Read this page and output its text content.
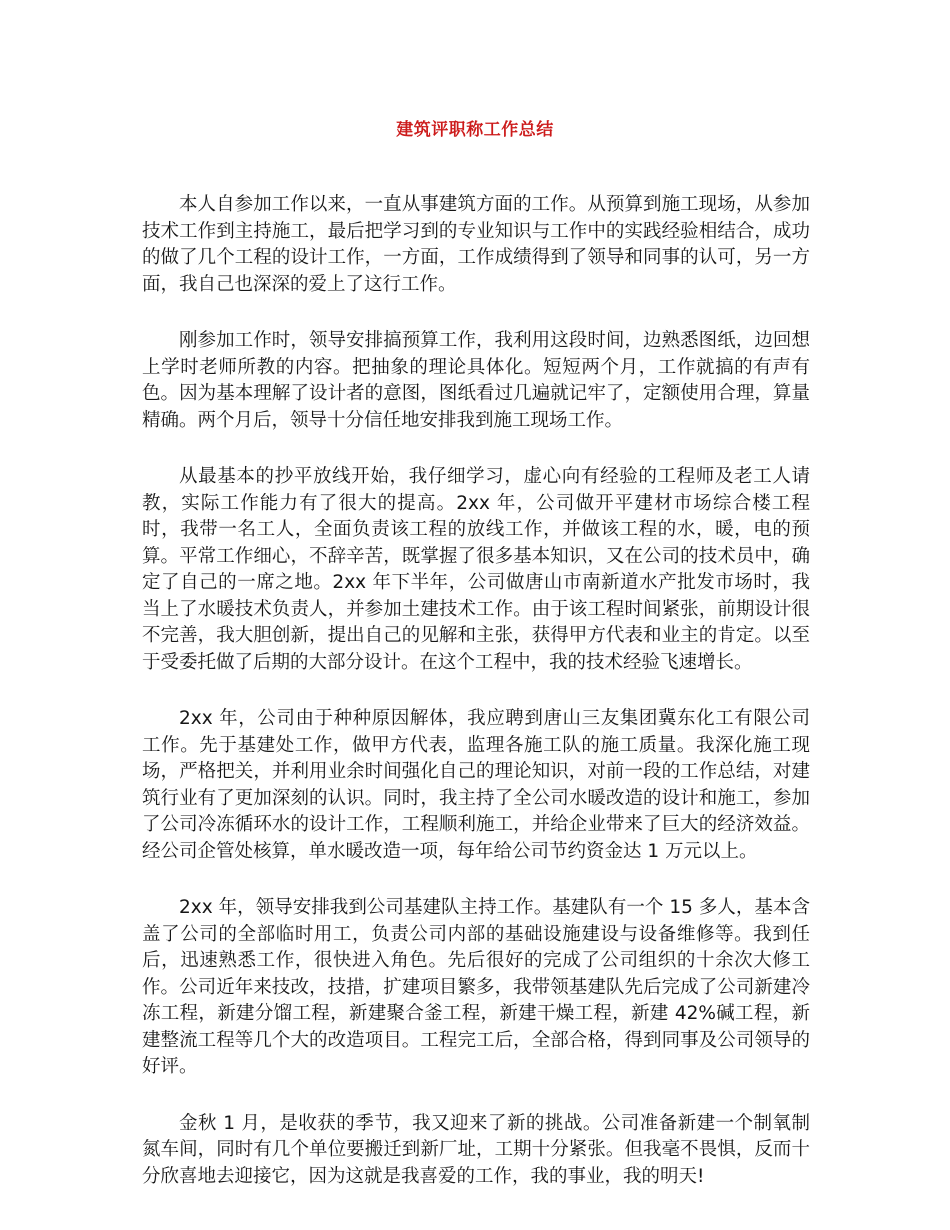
建筑评职称工作总结

本人自参加工作以来，一直从事建筑方面的工作。从预算到施工现场，从参加技术工作到主持施工，最后把学习到的专业知识与工作中的实践经验相结合，成功的做了几个工程的设计工作，一方面，工作成绩得到了领导和同事的认可，另一方面，我自己也深深的爱上了这行工作。

刚参加工作时，领导安排搞预算工作，我利用这段时间，边熟悉图纸，边回想上学时老师所教的内容。把抽象的理论具体化。短短两个月，工作就搞的有声有色。因为基本理解了设计者的意图，图纸看过几遍就记牢了，定额使用合理，算量精确。两个月后，领导十分信任地安排我到施工现场工作。

从最基本的抄平放线开始，我仔细学习，虚心向有经验的工程师及老工人请教，实际工作能力有了很大的提高。2xx 年，公司做开平建材市场综合楼工程时，我带一名工人，全面负责该工程的放线工作，并做该工程的水，暖，电的预算。平常工作细心，不辞辛苦，既掌握了很多基本知识，又在公司的技术员中，确定了自己的一席之地。2xx 年下半年，公司做唐山市南新道水产批发市场时，我当上了水暖技术负责人，并参加土建技术工作。由于该工程时间紧张，前期设计很不完善，我大胆创新，提出自己的见解和主张，获得甲方代表和业主的肯定。以至于受委托做了后期的大部分设计。在这个工程中，我的技术经验飞速增长。

2xx 年，公司由于种种原因解体，我应聘到唐山三友集团冀东化工有限公司工作。先于基建处工作，做甲方代表，监理各施工队的施工质量。我深化施工现场，严格把关，并利用业余时间强化自己的理论知识，对前一段的工作总结，对建筑行业有了更加深刻的认识。同时，我主持了全公司水暖改造的设计和施工，参加了公司冷冻循环水的设计工作，工程顺利施工，并给企业带来了巨大的经济效益。经公司企管处核算，单水暖改造一项，每年给公司节约资金达 1 万元以上。

2xx 年，领导安排我到公司基建队主持工作。基建队有一个 15 多人，基本含盖了公司的全部临时用工，负责公司内部的基础设施建设与设备维修等。我到任后，迅速熟悉工作，很快进入角色。先后很好的完成了公司组织的十余次大修工作。公司近年来技改，技措，扩建项目繁多，我带领基建队先后完成了公司新建冷冻工程，新建分馏工程，新建聚合釜工程，新建干燥工程，新建 42%碱工程，新建整流工程等几个大的改造项目。工程完工后，全部合格，得到同事及公司领导的好评。

金秋 1 月，是收获的季节，我又迎来了新的挑战。公司准备新建一个制氧制氮车间，同时有几个单位要搬迁到新厂址，工期十分紧张。但我毫不畏惧，反而十分欣喜地去迎接它，因为这就是我喜爱的工作，我的事业，我的明天!
